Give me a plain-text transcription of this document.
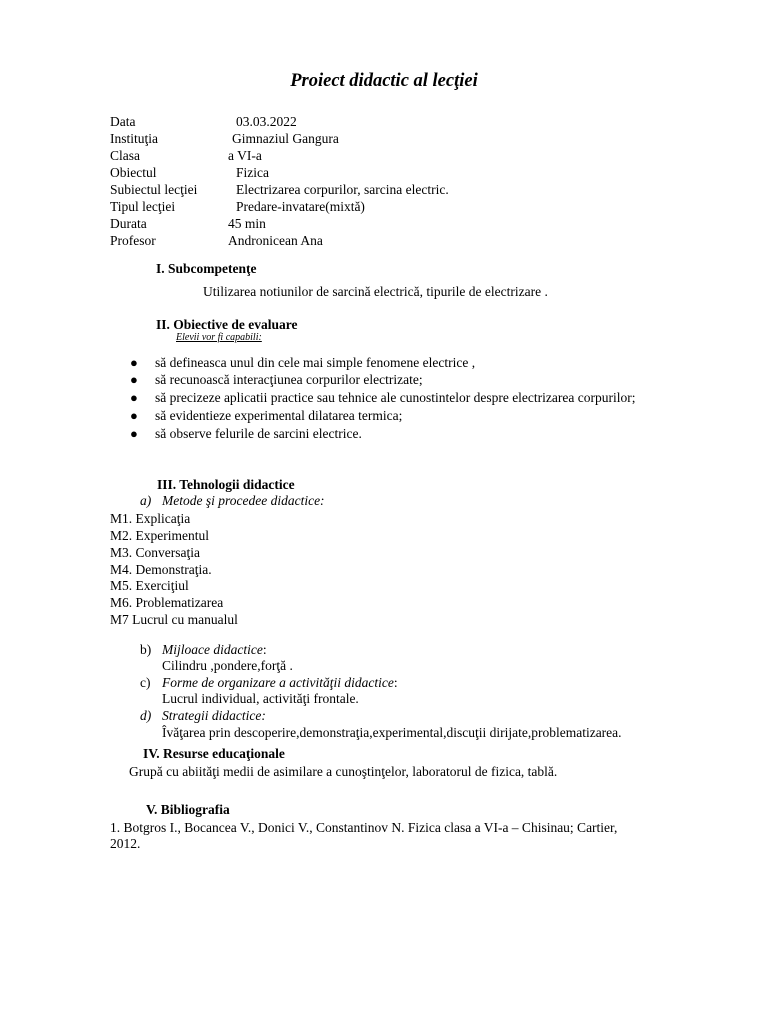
Proiect didactic al lecţiei
Data	03.03.2022
Instituţia	Gimnaziul Gangura
Clasa	a VI-a
Obiectul	Fizica
Subiectul lecţiei	Electrizarea corpurilor, sarcina electric.
Tipul lecţiei	Predare-invatare(mixtă)
Durata	45 min
Profesor	Andronicean Ana
I. Subcompetenţe
Utilizarea notiunilor de sarcină electrică, tipurile de electrizare .
II. Obiective de evaluare
Elevii vor fi capabili:
● să defineasca unul din cele mai simple fenomene electrice ,
● să recunoască interacţiunea corpurilor electrizate;
● să precizeze aplicatii practice sau tehnice ale cunostintelor despre electrizarea corpurilor;
● să evidentieze experimental dilatarea termica;
● să observe felurile de sarcini electrice.
III. Tehnologii didactice
a) Metode şi procedee didactice:
M1. Explicaţia
M2. Experimentul
M3. Conversaţia
M4. Demonstraţia.
M5. Exerciţiul
M6. Problematizarea
M7 Lucrul cu manualul
b) Mijloace didactice:
Cilindru ,pondere,forţă .
c) Forme de organizare a activităţii didactice:
Lucrul individual, activităţi frontale.
d) Strategii didactice:
Îvăţarea prin descoperire,demonstraţia,experimental,discuţii dirijate,problematizarea.
IV. Resurse educaţionale
Grupă cu abiităţi medii de asimilare a cunoştinţelor, laboratorul de fizica, tablă.
V. Bibliografia
1. Botgros I., Bocancea V., Donici V., Constantinov N. Fizica clasa a VI-a – Chisinau; Cartier,
2012.
